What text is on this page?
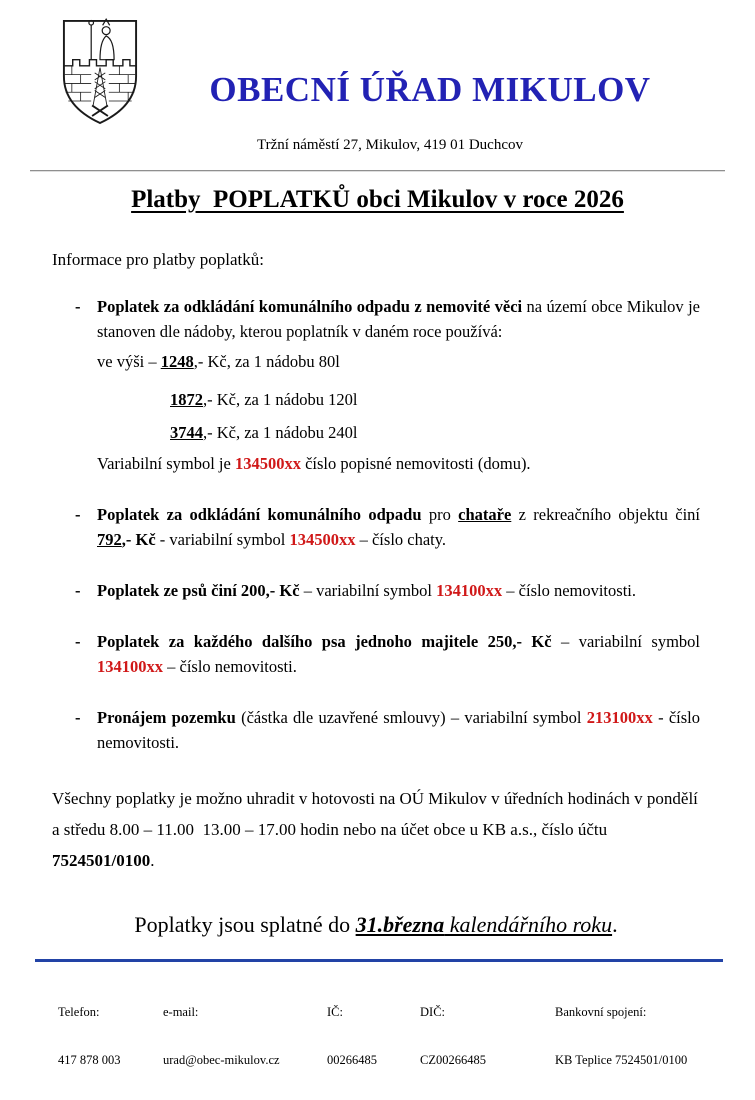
OBECNÍ ÚŘAD MIKULOV
Tržní náměstí 27, Mikulov, 419 01 Duchcov
Platby  POPLATKŮ obci Mikulov v roce 2026

Informace pro platby poplatků:

-	Poplatek za odkládání komunálního odpadu z nemovité věci na území obce Mikulov je stanoven dle nádoby, kterou poplatník v daném roce používá:
ve výši – 1248,- Kč, za 1 nádobu 80l
1872,- Kč, za 1 nádobu 120l
3744,- Kč, za 1 nádobu 240l
Variabilní symbol je 134500xx číslo popisné nemovitosti (domu).
-	Poplatek za odkládání komunálního odpadu pro chataře z rekreačního objektu činí 792,- Kč - variabilní symbol 134500xx – číslo chaty.
-	Poplatek ze psů činí 200,- Kč – variabilní symbol 134100xx – číslo nemovitosti.
-	Poplatek za každého dalšího psa jednoho majitele 250,- Kč – variabilní symbol 134100xx – číslo nemovitosti.
-	Pronájem pozemku (částka dle uzavřené smlouvy) – variabilní symbol 213100xx - číslo nemovitosti.

Všechny poplatky je možno uhradit v hotovosti na OÚ Mikulov v úředních hodinách v pondělí a středu 8.00 – 11.00  13.00 – 17.00 hodin nebo na účet obce u KB a.s., číslo účtu 7524501/0100.

Poplatky jsou splatné do 31.března kalendářního roku.

Telefon:

417 878 003

e-mail:

urad@obec-mikulov.cz

IČ:

00266485

DIČ:

CZ00266485

Bankovní spojení:

KB Teplice 7524501/0100
